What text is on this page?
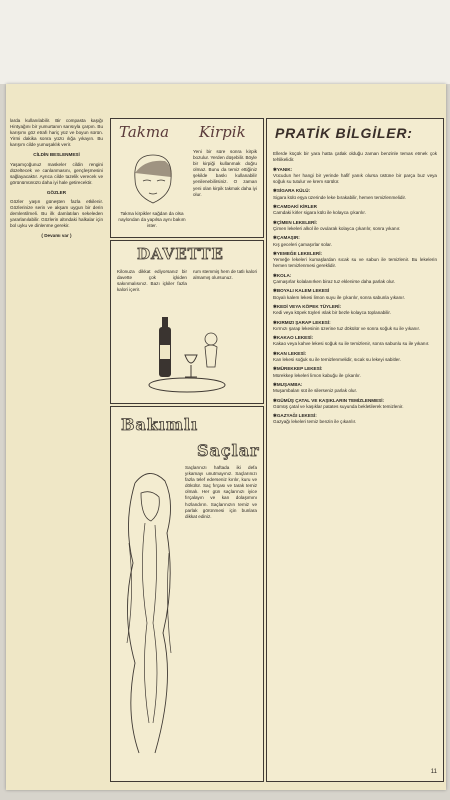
larda kullanılabilir. Bir compasta kaşığı Hintyağını bir yumurtanın sarısıyla çarpın. Bu karışımı göz etrafı hariç yüz ve boyun sürün. Yirmi dakika sonra yüzü ılığa yıkayın. Bu karışım cilde yumuşaklık verir.

CİLDİN BESLENMESİ

Yaşamçoğunuz maskeler cildin rengini düzeltecek ve canlanmasını, gençleşmesini sağlayacaktır. Ayrıca cilde tazelik verecek ve görünümünüzü daha iyi hale getirecektir.

GÖZLER

Gözler yaşın güneşten fazla etkilenir. Gözlerinize serin ve akşam uygun bir derin demlentilmeli. Bu ilk damlatılan sekeleden yararlanılabilir. Gözlerin altındaki halkalar için bol uyku ve dinlenme gerekir.

( Devamı var )
Takma Kirpik
Yeni bir süre sonra kirpik bozulur. Yerden düşebilir. Böyle bir kirpiği kullanmak doğru olmaz. Bunu da temiz ettiğiniz şekilde baskı kullanabilir yenilenebilirsiniz. O zaman yeni olan kirpik takmak daha iyi olur.
Takma kirpikler sağdan da olsa naylondan da yapılsa aynı bakım ister.
DAVETTE
Kilonuza dikkat ediyorsanız bir davette çok içkiden sakınmalısınız. Bazı içkiler fazla kalori içerir.
rum stemmiş hem de tatlı kalori almamış olursunuz.
Bakımlı
Saçlar
Saçlarınızı haftada iki defa yıkamayı unutmayınız. Saçlarınızı fazla telef ederseniz kırılır, kuru ve dökülür. Saç fırçası ve tarak temiz olmalı. Her gün saçlarınızı iyice fırçalayın ve kan dolaşımını hızlandırın. Saçlarınızın temiz ve parlak görünmesi için bunlara dikkat ediniz.
PRATİK BİLGİLER:
Ellerde küçük bir yara hatta çatlak olduğu zaman benzinle temas etmek çok tehlikelidir.
✱ YANIK:
Vücudun her hangi bir yerinde hafif yanık olursa üstüne bir parça buz veya soğuk su tutulur ve krem sürülür.
✱ SİGARA KÜLÜ:
Sigara külü eşya üzerinde leke bırakabilir, hemen temizlenmelidir.
✱ CAMDAKİ KİRLER
Camdaki kirler sigara külü ile kolayca çıkarılır.
✱ ÇİMEN LEKELERİ:
Çimen lekeleri alkol ile ovularak kolayca çıkarılır, sonra yıkanır.
✱ ÇAMAŞIR:
Kış geceleri çamaşırlar solar.
✱ YEMEĞE LEKELERİ:
Yemeğe lekeleri kumaşlardan sıcak su ve sabun ile temizlenir. Bu lekelerin hemen temizlenmesi gereklidir.
✱ KOLA:
Çamaşırlar kolalanırken biraz tuz eklenirse daha parlak olur.
✱ BOYALI KALEM LEKESİ
Boyalı kalem lekesi limon suyu ile çıkarılır, sonra sabunla yıkanır.
✱ KEDİ VEYA KÖPEK TÜYLERİ:
Kedi veya köpek tüyleri ıslak bir bezle kolayca toplanabilir.
✱ KIRMIZI ŞARAP LEKESİ:
Kırmızı şarap lekesinin üzerine tuz dökülür ve sonra soğuk su ile yıkanır.
✱ KAKAO LEKESİ:
Kakao veya kahve lekesi soğuk su ile temizlenir, sonra sabunlu su ile yıkanır.
✱ KAN LEKESİ:
Kan lekesi soğuk su ile temizlenmelidir, sıcak su lekeyi sabitler.
✱ MÜREKKEP LEKESİ:
Mürekkep lekeleri limon kabuğu ile çıkarılır.
✱ MUŞAMBA:
Muşambaları süt ile silerseniz parlak olur.
✱ GÜMÜŞ ÇATAL VE KAŞIKLARIN TEMİZLENMESİ:
Gümüş çatal ve kaşıklar patates suyunda bekletilerek temizlenir.
✱ GAZYAĞI LEKESİ:
Gazyağı lekeleri temiz benzin ile çıkarılır.
11
